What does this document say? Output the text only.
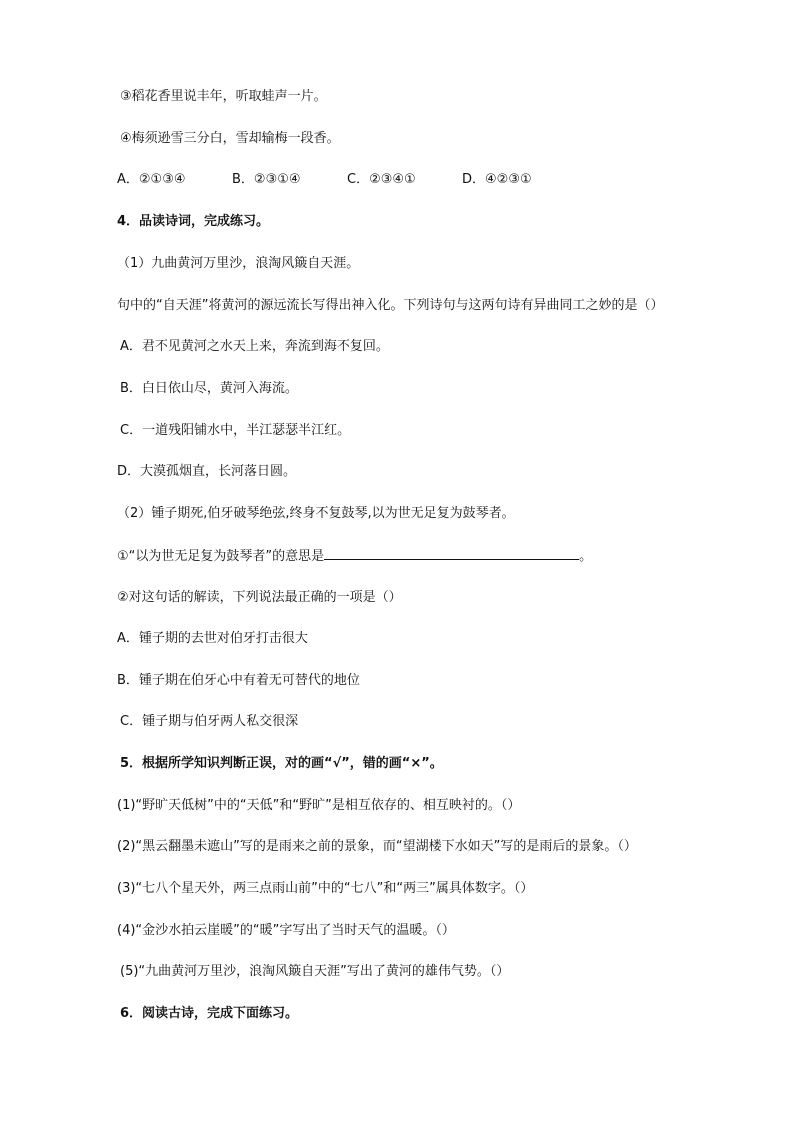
③稻花香里说丰年，听取蛙声一片。
④梅须逊雪三分白，雪却输梅一段香。
A．②①③④	B．②③①④	C．②③④①	D．④②③①
4．品读诗词，完成练习。
（1）九曲黄河万里沙，浪淘风簸自天涯。
句中的“自天涯”将黄河的源远流长写得出神入化。下列诗句与这两句诗有异曲同工之妙的是（）
A．君不见黄河之水天上来，奔流到海不复回。
B．白日依山尽，黄河入海流。
C．一道残阳铺水中，半江瑟瑟半江红。
D．大漠孤烟直，长河落日圆。
（2）锺子期死,伯牙破琴绝弦,终身不复鼓琴,以为世无足复为鼓琴者。
①“以为世无足复为鼓琴者”的意思是	。
②对这句话的解读，下列说法最正确的一项是（）
A．锺子期的去世对伯牙打击很大
B．锺子期在伯牙心中有着无可替代的地位
C．锺子期与伯牙两人私交很深
5．根据所学知识判断正误，对的画“√”，错的画“×”。
(1)“野旷天低树”中的“天低”和“野旷”是相互依存的、相互映衬的。（）
(2)“黑云翻墨未遮山”写的是雨来之前的景象，而“望湖楼下水如天”写的是雨后的景象。（）
(3)“七八个星天外，两三点雨山前”中的“七八”和“两三”属具体数字。（）
(4)“金沙水拍云崖暖”的“暖”字写出了当时天气的温暖。（）
(5)“九曲黄河万里沙，浪淘风簸自天涯”写出了黄河的雄伟气势。（）
6．阅读古诗，完成下面练习。
